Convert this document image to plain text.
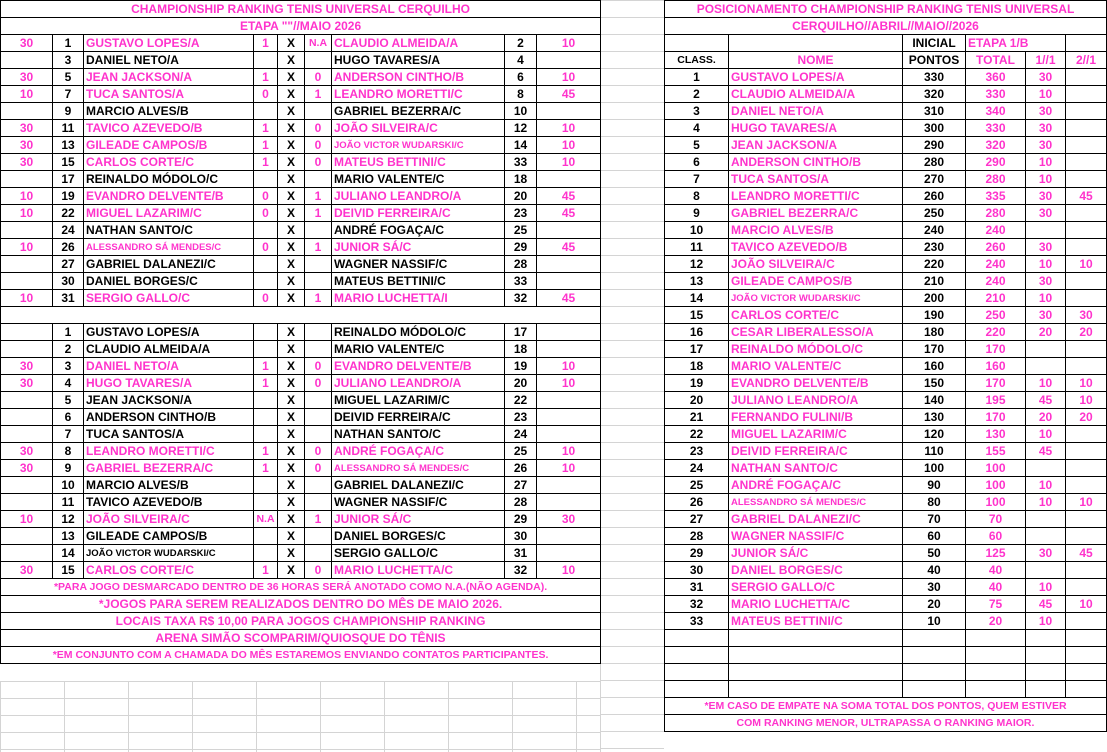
CHAMPIONSHIP RANKING TENIS UNIVERSAL CERQUILHO								
ETAPA ""//MAIO 2026								
30	1	GUSTAVO LOPES/A	1	X	N.A	CLAUDIO ALMEIDA/A	2	10
	3	DANIEL NETO/A		X		HUGO TAVARES/A	4	
30	5	JEAN JACKSON/A	1	X	0	ANDERSON CINTHO/B	6	10
10	7	TUCA SANTOS/A	0	X	1	LEANDRO MORETTI/C	8	45
	9	MARCIO ALVES/B		X		GABRIEL BEZERRA/C	10	
30	11	TAVICO AZEVEDO/B	1	X	0	JOÃO SILVEIRA/C	12	10
30	13	GILEADE CAMPOS/B	1	X	0	JOÃO VICTOR WUDARSKI/C	14	10
30	15	CARLOS CORTE/C	1	X	0	MATEUS BETTINI/C	33	10
	17	REINALDO MÓDOLO/C		X		MARIO VALENTE/C	18	
10	19	EVANDRO DELVENTE/B	0	X	1	JULIANO LEANDRO/A	20	45
10	22	MIGUEL LAZARIM/C	0	X	1	DEIVID FERREIRA/C	23	45
	24	NATHAN SANTO/C		X		ANDRÉ FOGAÇA/C	25	
10	26	ALESSANDRO SÁ MENDES/C	0	X	1	JUNIOR SÁ/C	29	45
	27	GABRIEL DALANEZI/C		X		WAGNER NASSIF/C	28	
	30	DANIEL BORGES/C		X		MATEUS BETTINI/C	33	
10	31	SERGIO GALLO/C	0	X	1	MARIO LUCHETTA/I	32	45

	1	GUSTAVO LOPES/A		X		REINALDO MÓDOLO/C	17	
	2	CLAUDIO ALMEIDA/A		X		MARIO VALENTE/C	18	
30	3	DANIEL NETO/A	1	X	0	EVANDRO DELVENTE/B	19	10
30	4	HUGO TAVARES/A	1	X	0	JULIANO LEANDRO/A	20	10
	5	JEAN JACKSON/A		X		MIGUEL LAZARIM/C	22	
	6	ANDERSON CINTHO/B		X		DEIVID FERREIRA/C	23	
	7	TUCA SANTOS/A		X		NATHAN SANTO/C	24	
30	8	LEANDRO MORETTI/C	1	X	0	ANDRÉ FOGAÇA/C	25	10
30	9	GABRIEL BEZERRA/C	1	X	0	ALESSANDRO SÁ MENDES/C	26	10
	10	MARCIO ALVES/B		X		GABRIEL DALANEZI/C	27	
	11	TAVICO AZEVEDO/B		X		WAGNER NASSIF/C	28	
10	12	JOÃO SILVEIRA/C	N.A	X	1	JUNIOR SÁ/C	29	30
	13	GILEADE CAMPOS/B		X		DANIEL BORGES/C	30	
	14	JOÃO VICTOR WUDARSKI/C		X		SERGIO GALLO/C	31	
30	15	CARLOS CORTE/C	1	X	0	MARIO LUCHETTA/C	32	10
*PARA JOGO DESMARCADO DENTRO DE 36 HORAS SERÁ ANOTADO COMO N.A.(NÃO AGENDA).								
*JOGOS PARA SEREM REALIZADOS DENTRO DO MÊS DE MAIO 2026.								
LOCAIS TAXA R$ 10,00 PARA JOGOS CHAMPIONSHIP RANKING								
ARENA SIMÃO SCOMPARIM/QUIOSQUE DO TÊNIS								
*EM CONJUNTO COM A CHAMADA DO MÊS ESTAREMOS ENVIANDO CONTATOS PARTICIPANTES.								
POSICIONAMENTO CHAMPIONSHIP RANKING TENIS UNIVERSAL					
CERQUILHO//ABRIL//MAIO//2026					
		INICIAL	ETAPA 1/B		
CLASS.	NOME	PONTOS	TOTAL	1//1	2//1
1	GUSTAVO LOPES/A	330	360	30	
2	CLAUDIO ALMEIDA/A	320	330	10	
3	DANIEL NETO/A	310	340	30	
4	HUGO TAVARES/A	300	330	30	
5	JEAN JACKSON/A	290	320	30	
6	ANDERSON CINTHO/B	280	290	10	
7	TUCA SANTOS/A	270	280	10	
8	LEANDRO MORETTI/C	260	335	30	45
9	GABRIEL BEZERRA/C	250	280	30	
10	MARCIO ALVES/B	240	240		
11	TAVICO AZEVEDO/B	230	260	30	
12	JOÃO SILVEIRA/C	220	240	10	10
13	GILEADE CAMPOS/B	210	240	30	
14	JOÃO VICTOR WUDARSKI/C	200	210	10	
15	CARLOS CORTE/C	190	250	30	30
16	CESAR LIBERALESSO/A	180	220	20	20
17	REINALDO MÓDOLO/C	170	170		
18	MARIO VALENTE/C	160	160		
19	EVANDRO DELVENTE/B	150	170	10	10
20	JULIANO LEANDRO/A	140	195	45	10
21	FERNANDO FULINI/B	130	170	20	20
22	MIGUEL LAZARIM/C	120	130	10	
23	DEIVID FERREIRA/C	110	155	45	
24	NATHAN SANTO/C	100	100		
25	ANDRÉ FOGAÇA/C	90	100	10	
26	ALESSANDRO SÁ MENDES/C	80	100	10	10
27	GABRIEL DALANEZI/C	70	70		
28	WAGNER NASSIF/C	60	60		
29	JUNIOR SÁ/C	50	125	30	45
30	DANIEL BORGES/C	40	40		
31	SERGIO GALLO/C	30	40	10	
32	MARIO LUCHETTA/C	20	75	45	10
33	MATEUS BETTINI/C	10	20	10	

*EM CASO DE EMPATE NA SOMA TOTAL DOS PONTOS, QUEM ESTIVER					
COM RANKING MENOR, ULTRAPASSA O RANKING MAIOR.					
